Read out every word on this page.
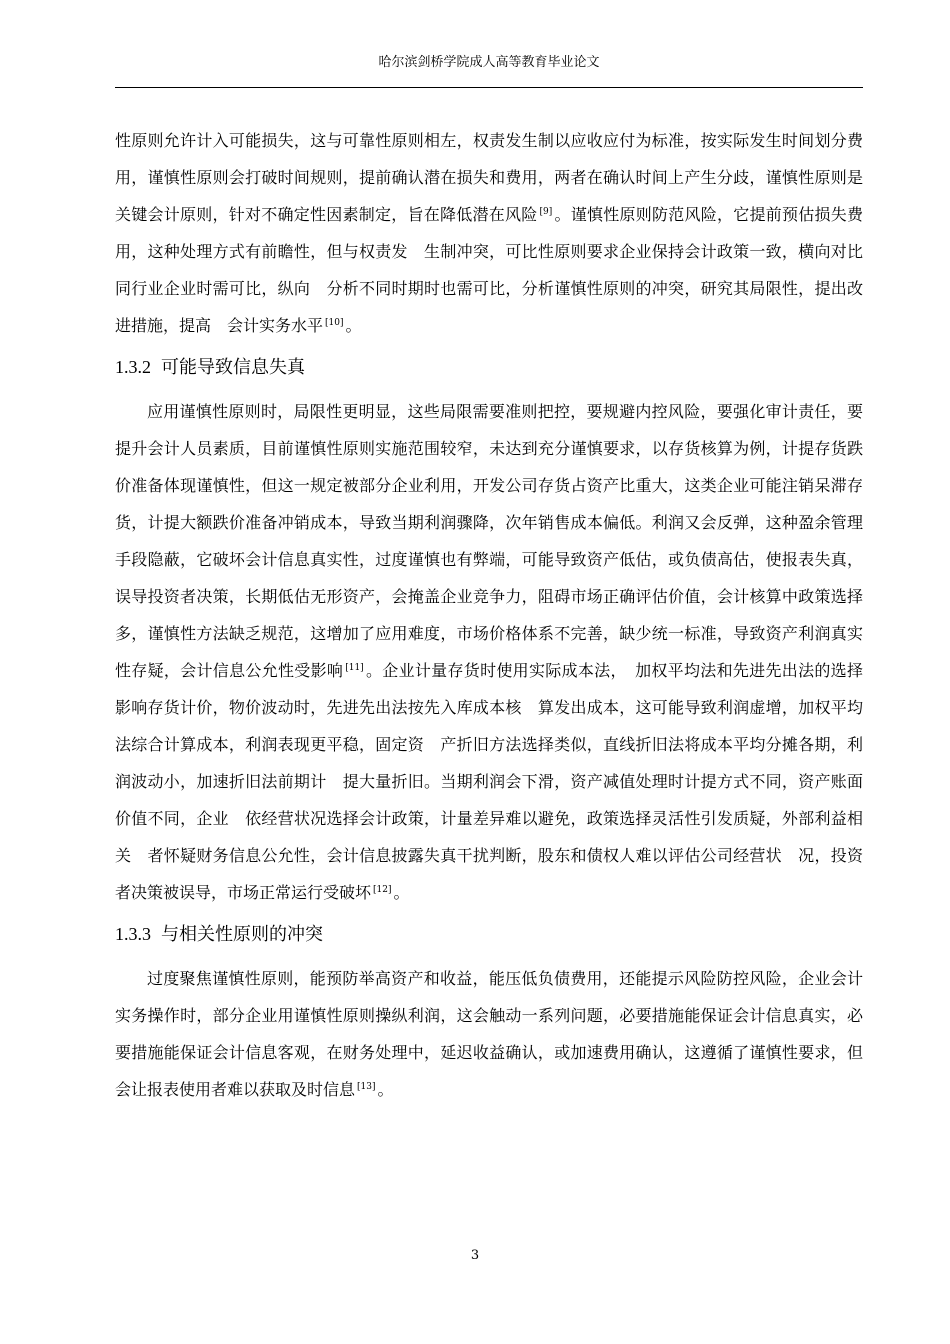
哈尔滨剑桥学院成人高等教育毕业论文

性原则允许计入可能损失，这与可靠性原则相左，权责发生制以应收应付为标准，按实际发生时间划分费用，谨慎性原则会打破时间规则，提前确认潜在损失和费用，两者在确认时间上产生分歧，谨慎性原则是关键会计原则，针对不确定性因素制定，旨在降低潜在风险 [9] 。谨慎性原则防范风险，它提前预估损失费用，这种处理方式有前瞻性，但与权责发　生制冲突，可比性原则要求企业保持会计政策一致，横向对比同行业企业时需可比，纵向　分析不同时期时也需可比，分析谨慎性原则的冲突，研究其局限性，提出改进措施，提高　会计实务水平 [10] 。

1.3.2 可能导致信息失真

应用谨慎性原则时，局限性更明显，这些局限需要准则把控，要规避内控风险，要强化审计责任，要提升会计人员素质，目前谨慎性原则实施范围较窄，未达到充分谨慎要求，以存货核算为例，计提存货跌价准备体现谨慎性，但这一规定被部分企业利用，开发公司存货占资产比重大，这类企业可能注销呆滞存货，计提大额跌价准备冲销成本，导致当期利润骤降，次年销售成本偏低。利润又会反弹，这种盈余管理手段隐蔽，它破坏会计信息真实性，过度谨慎也有弊端，可能导致资产低估，或负债高估，使报表失真，误导投资者决策，长期低估无形资产，会掩盖企业竞争力，阻碍市场正确评估价值，会计核算中政策选择多，谨慎性方法缺乏规范，这增加了应用难度，市场价格体系不完善，缺少统一标准，导致资产利润真实性存疑，会计信息公允性受影响 [11] 。企业计量存货时使用实际成本法，　加权平均法和先进先出法的选择影响存货计价，物价波动时，先进先出法按先入库成本核　算发出成本，这可能导致利润虚增，加权平均法综合计算成本，利润表现更平稳，固定资　产折旧方法选择类似，直线折旧法将成本平均分摊各期，利润波动小，加速折旧法前期计　提大量折旧。当期利润会下滑，资产减值处理时计提方式不同，资产账面价值不同，企业　依经营状况选择会计政策，计量差异难以避免，政策选择灵活性引发质疑，外部利益相关　者怀疑财务信息公允性，会计信息披露失真干扰判断，股东和债权人难以评估公司经营状　况，投资者决策被误导，市场正常运行受破坏 [12] 。

1.3.3 与相关性原则的冲突

过度聚焦谨慎性原则，能预防举高资产和收益，能压低负债费用，还能提示风险防控风险，企业会计实务操作时，部分企业用谨慎性原则操纵利润，这会触动一系列问题，必要措施能保证会计信息真实，必要措施能保证会计信息客观，在财务处理中，延迟收益确认，或加速费用确认，这遵循了谨慎性要求，但会让报表使用者难以获取及时信息 [13] 。

3
